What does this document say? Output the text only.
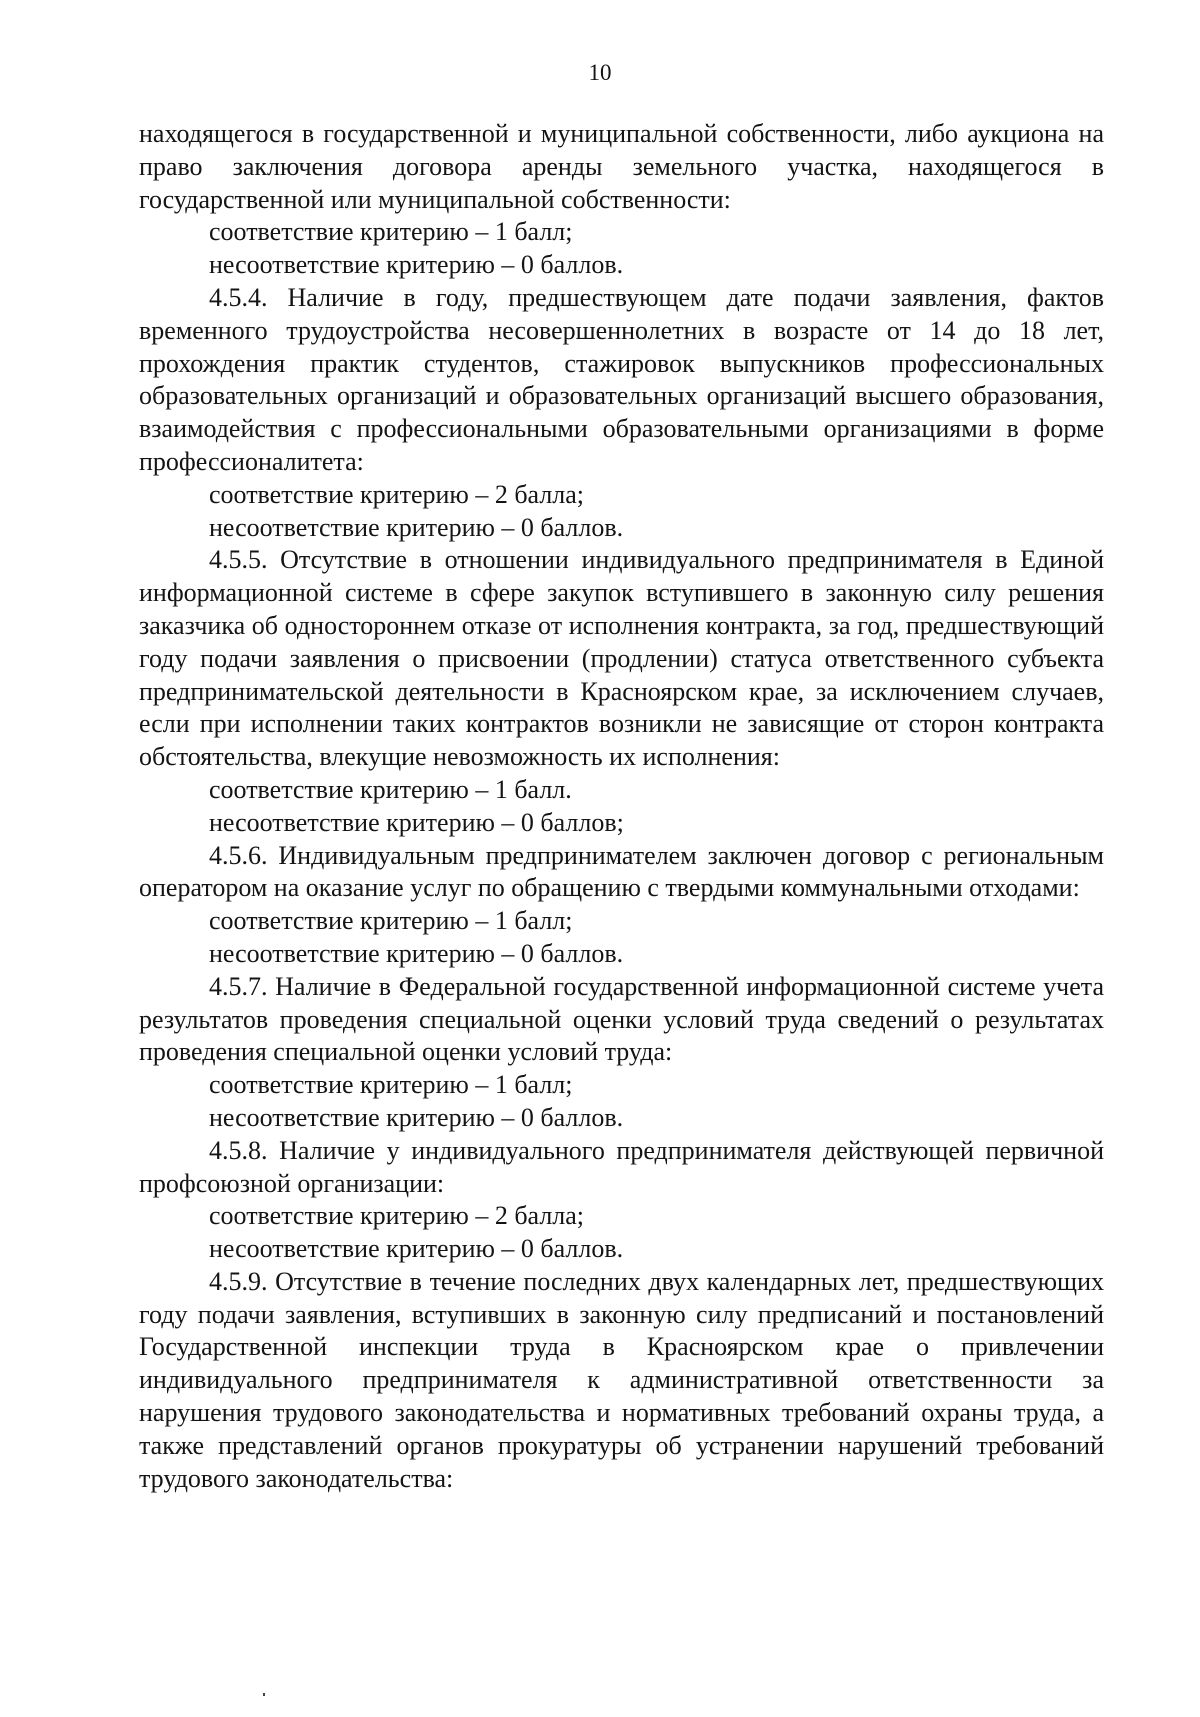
10

находящегося в государственной и муниципальной собственности, либо аукциона на право заключения договора аренды земельного участка, находящегося в государственной или муниципальной собственности:

соответствие критерию – 1 балл;

несоответствие критерию – 0 баллов.

4.5.4. Наличие в году, предшествующем дате подачи заявления, фактов временного трудоустройства несовершеннолетних в возрасте от 14 до 18 лет, прохождения практик студентов, стажировок выпускников профессиональных образовательных организаций и образовательных организаций высшего образования, взаимодействия с профессиональными образовательными организациями в форме профессионалитета:

соответствие критерию – 2 балла;

несоответствие критерию – 0 баллов.

4.5.5. Отсутствие в отношении индивидуального предпринимателя в Единой информационной системе в сфере закупок вступившего в законную силу решения заказчика об одностороннем отказе от исполнения контракта, за год, предшествующий году подачи заявления о присвоении (продлении) статуса ответственного субъекта предпринимательской деятельности в Красноярском крае, за исключением случаев, если при исполнении таких контрактов возникли не зависящие от сторон контракта обстоятельства, влекущие невозможность их исполнения:

соответствие критерию – 1 балл.

несоответствие критерию – 0 баллов;

4.5.6. Индивидуальным предпринимателем заключен договор с региональным оператором на оказание услуг по обращению с твердыми коммунальными отходами:

соответствие критерию – 1 балл;

несоответствие критерию – 0 баллов.

4.5.7. Наличие в Федеральной государственной информационной системе учета результатов проведения специальной оценки условий труда сведений о результатах проведения специальной оценки условий труда:

соответствие критерию – 1 балл;

несоответствие критерию – 0 баллов.

4.5.8. Наличие у индивидуального предпринимателя действующей первичной профсоюзной организации:

соответствие критерию – 2 балла;

несоответствие критерию – 0 баллов.

4.5.9. Отсутствие в течение последних двух календарных лет, предшествующих году подачи заявления, вступивших в законную силу предписаний и постановлений Государственной инспекции труда в Красноярском крае о привлечении индивидуального предпринимателя к административной ответственности за нарушения трудового законодательства и нормативных требований охраны труда, а также представлений органов прокуратуры об устранении нарушений требований трудового законодательства:
